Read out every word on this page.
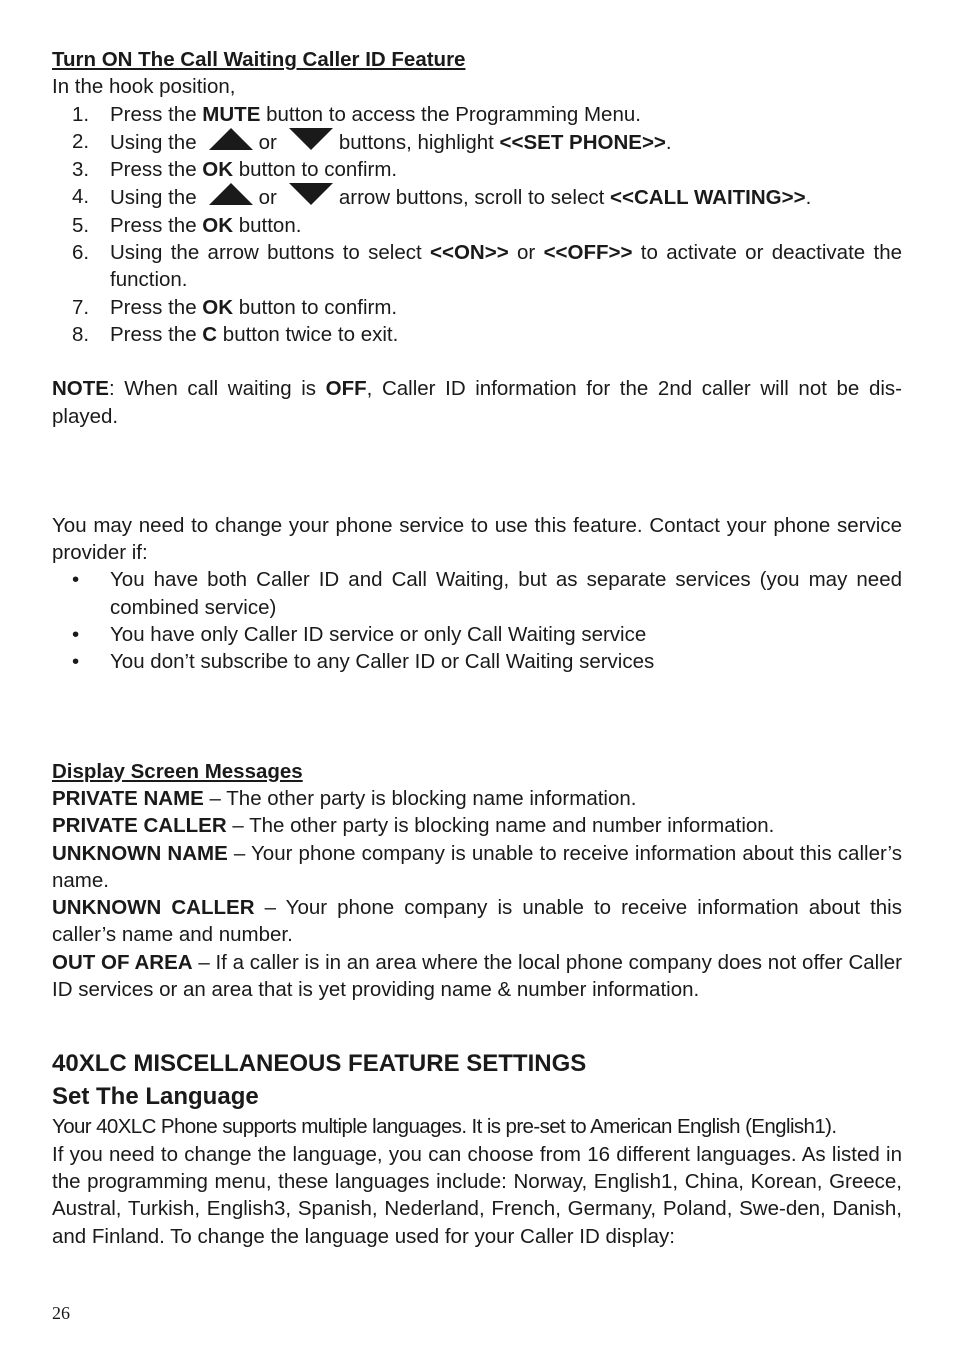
Turn ON The Call Waiting Caller ID Feature

In the hook position,

1. Press the MUTE button to access the Programming Menu.
2. Using the	or	buttons, highlight <<SET PHONE>>.
3. Press the OK button to confirm.
4. Using the	or	arrow buttons, scroll to select <<CALL WAITING>>.
5. Press the OK button.
6. Using the arrow buttons to select <<ON>> or <<OFF>> to activate or deactivate the function.
7. Press the OK button to confirm.
8. Press the C button twice to exit.

NOTE: When call waiting is OFF, Caller ID information for the 2nd caller will not be dis-played.

You may need to change your phone service to use this feature. Contact your phone service provider if:

• You have both Caller ID and Call Waiting, but as separate services (you may need combined service)
• You have only Caller ID service or only Call Waiting service
• You don’t subscribe to any Caller ID or Call Waiting services

Display Screen Messages

PRIVATE NAME – The other party is blocking name information.

PRIVATE CALLER – The other party is blocking name and number information.

UNKNOWN NAME – Your phone company is unable to receive information about this caller’s name.

UNKNOWN CALLER – Your phone company is unable to receive information about this caller’s name and number.

OUT OF AREA – If a caller is in an area where the local phone company does not offer Caller ID services or an area that is yet providing name & number information.

40XLC MISCELLANEOUS FEATURE SETTINGS
Set The Language

Your 40XLC Phone supports multiple languages. It is pre-set to American English (English1).

If you need to change the language, you can choose from 16 different languages. As listed in the programming menu, these languages include: Norway, English1, China, Korean, Greece, Austral, Turkish, English3, Spanish, Nederland, French, Germany, Poland, Swe-den, Danish, and Finland. To change the language used for your Caller ID display:

26
